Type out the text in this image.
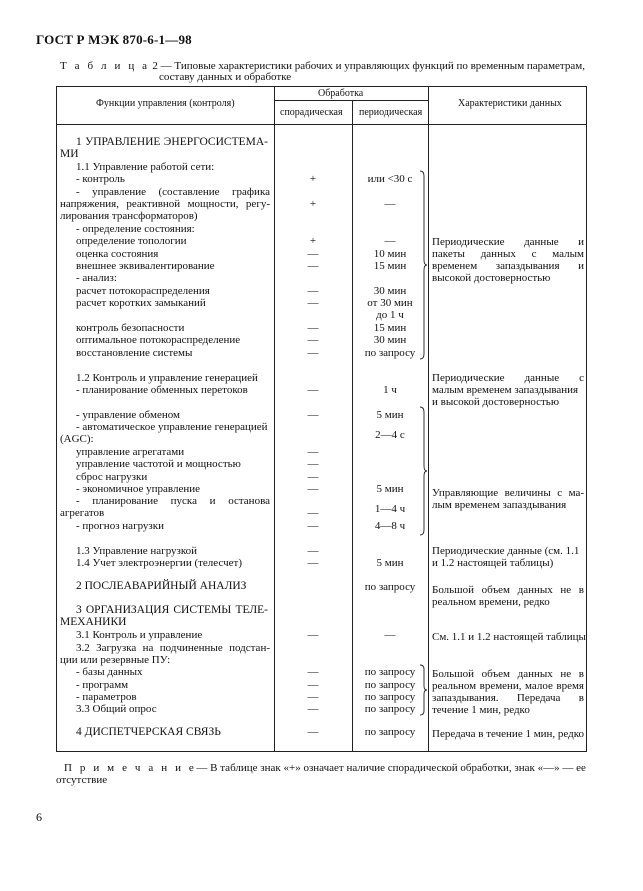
ГОСТ Р МЭК 870-6-1—98
Т а б л и ц а 2 — Типовые характеристики рабочих и управляющих функций по временным параметрам,
составу данных и обработке
Функции управления (контроля)
Обработка
спорадическая периодическая
Характеристики данных
1 УПРАВЛЕНИЕ ЭНЕРГОСИСТЕМА-
МИ
1.1 Управление работой сети:
- контроль
- управление (составление графика
напряжения, реактивной мощности, регу-
лирования трансформаторов)
- определение состояния:
определение топологии
оценка состояния
внешнее эквивалентирование
- анализ:
расчет потокораспределения
расчет коротких замыканий
контроль безопасности
оптимальное потокораспределение
восстановление системы
1.2 Контроль и управление генерацией
- планирование обменных перетоков
- управление обменом
- автоматическое управление генерацией
(AGC):
управление агрегатами
управление частотой и мощностью
сброс нагрузки
- экономичное управление
- планирование пуска и останова
агрегатов
- прогноз нагрузки
1.3 Управление нагрузкой
1.4 Учет электроэнергии (телесчет)
2 ПОСЛЕАВАРИЙНЫЙ АНАЛИЗ
3 ОРГАНИЗАЦИЯ СИСТЕМЫ ТЕЛЕ-
МЕХАНИКИ
3.1 Контроль и управление
3.2 Загрузка на подчиненные подстан-
ции или резервные ПУ:
- базы данных
- программ
- параметров
3.3 Общий опрос
4 ДИСПЕТЧЕРСКАЯ СВЯЗЬ
+
+
+
—
—
—
—
—
—
—
—
—
—
—
—
—
—
—
—
—
—
—
—
—
—
—
или <30 с
—
—
10 мин
15 мин
30 мин
от 30 мин
до 1 ч
15 мин
30 мин
по запросу
1 ч
5 мин
2—4 с
5 мин
1—4 ч
4—8 ч
5 мин
по запросу
—
по запросу
по запросу
по запросу
по запросу
по запросу
Периодические данные и
пакеты данных с малым
временем запаздывания и
высокой достоверностью
Периодические данные с
малым временем запаздывания
и высокой достоверностью
Управляющие величины с ма-
лым временем запаздывания
Периодические данные (см. 1.1
и 1.2 настоящей таблицы)
Большой объем данных не в
реальном времени, редко
См. 1.1 и 1.2 настоящей таблицы
Большой объем данных не в
реальном времени, малое время
запаздывания. Передача в
течение 1 мин, редко
Передача в течение 1 мин, редко
П р и м е ч а н и е— В таблице знак «+» означает наличие спорадической обработки, знак «—» — ее
отсутствие
6
